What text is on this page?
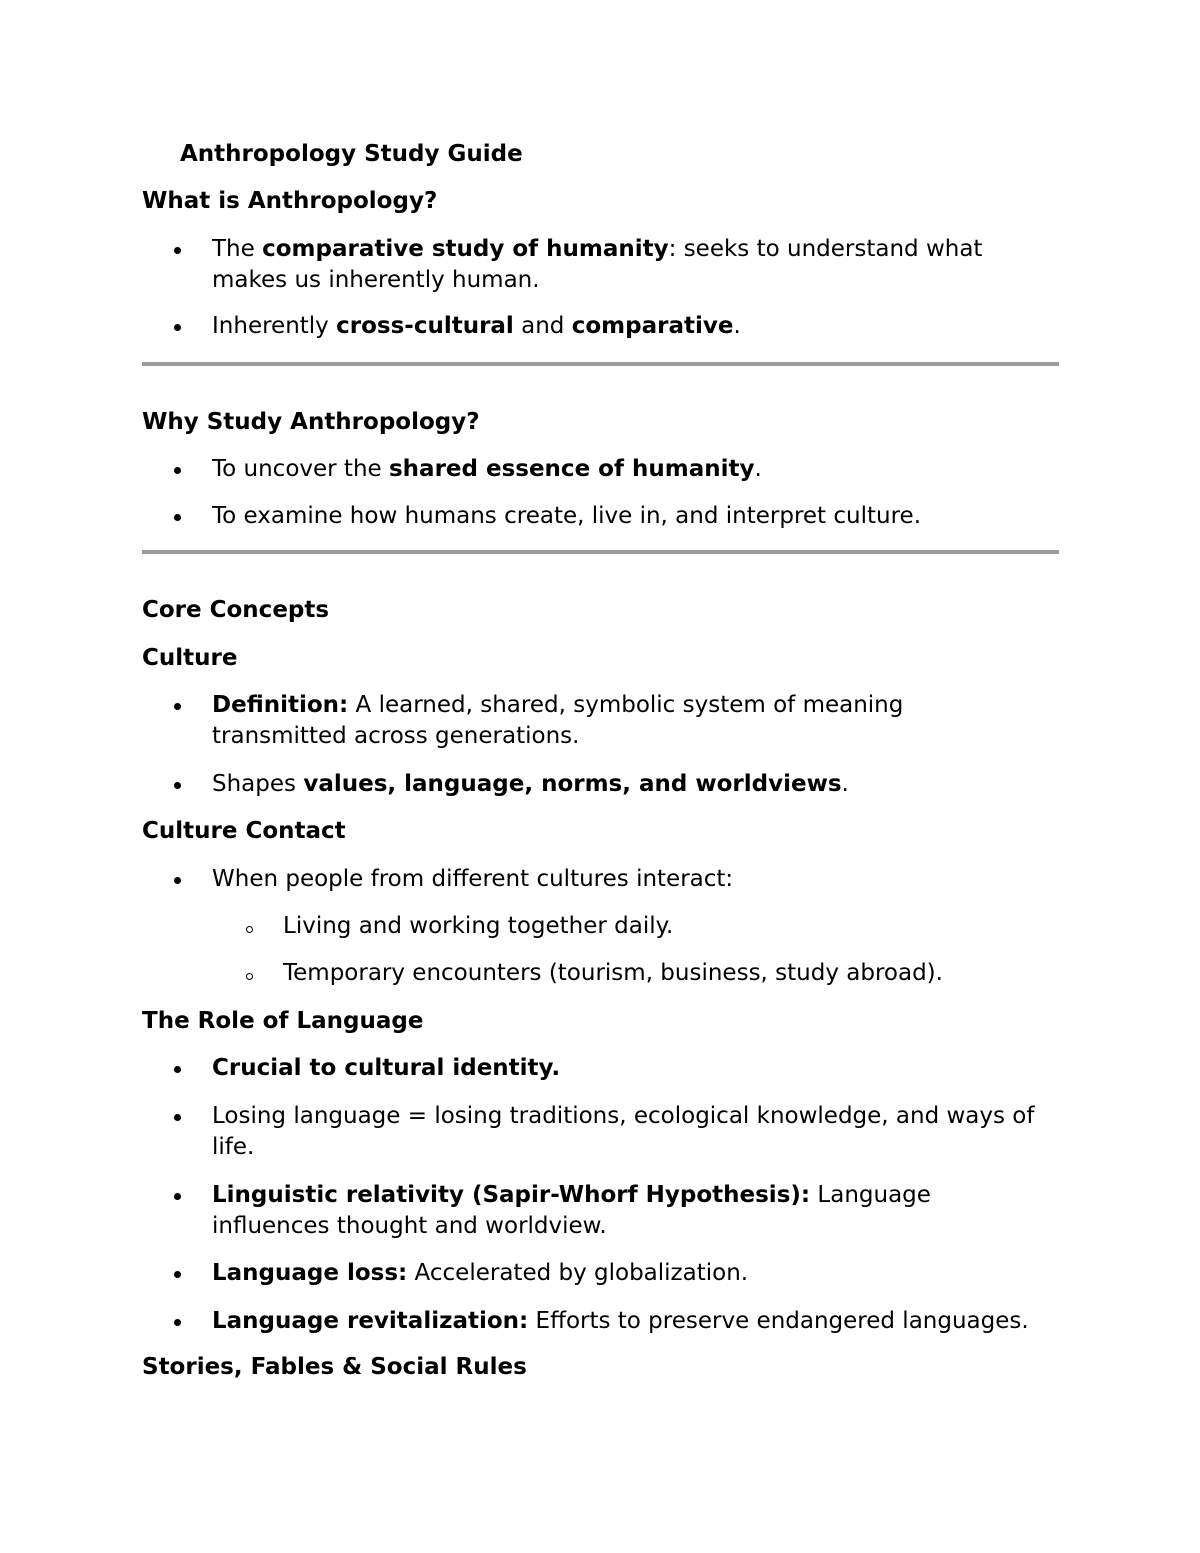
Anthropology Study Guide
What is Anthropology?
The comparative study of humanity: seeks to understand what
makes us inherently human.
Inherently cross-cultural and comparative.
Why Study Anthropology?
To uncover the shared essence of humanity.
To examine how humans create, live in, and interpret culture.
Core Concepts
Culture
Definition: A learned, shared, symbolic system of meaning
transmitted across generations.
Shapes values, language, norms, and worldviews.
Culture Contact
When people from different cultures interact:
Living and working together daily.
Temporary encounters (tourism, business, study abroad).
The Role of Language
Crucial to cultural identity.
Losing language = losing traditions, ecological knowledge, and ways of
life.
Linguistic relativity (Sapir-Whorf Hypothesis): Language
influences thought and worldview.
Language loss: Accelerated by globalization.
Language revitalization: Efforts to preserve endangered languages.
Stories, Fables & Social Rules
